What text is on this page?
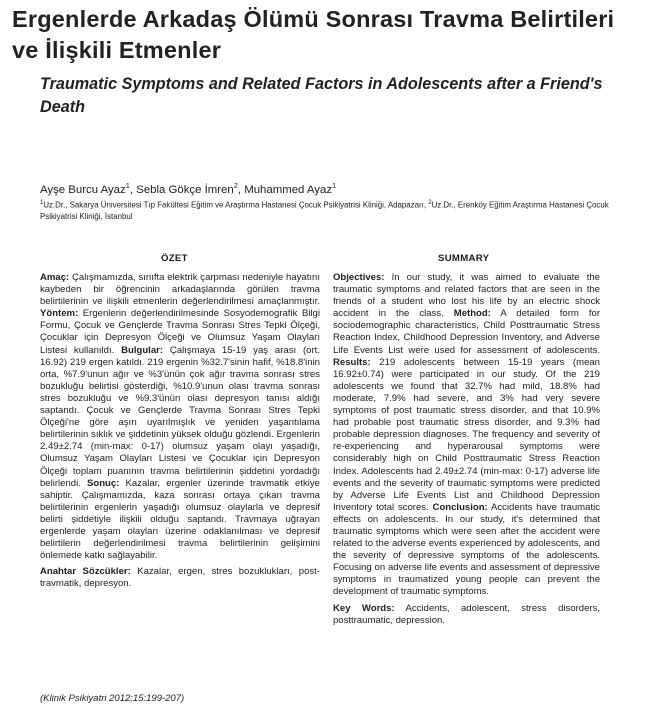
Ergenlerde Arkadaş Ölümü Sonrası Travma Belirtileri ve İlişkili Etmenler
Traumatic Symptoms and Related Factors in Adolescents after a Friend's Death
Ayşe Burcu Ayaz$^1$, Sebla Gökçe İmren$^2$, Muhammed Ayaz$^1$
$^1$Uz.Dr., Sakarya Üniversitesi Tıp Fakültesi Eğitim ve Araştırma Hastanesi Çocuk Psikiyatrisi Kliniği, Adapazarı, $^2$Uz.Dr., Erenköy Eğitim Araştırma Hastanesi Çocuk Psikiyatrisi Kliniği, İstanbul
ÖZET	SUMMARY

Amaç: Çalışmamızda, sınıfta elektrik çarpması nedeniyle hayatını kaybeden bir öğrencinin arkadaşlarında görülen travma belirtilerinin ve ilişkili etmenlerin değerlendirilmesi amaçlanmıştır. Yöntem: Ergenlerin değerlendirilmesinde Sosyodemografik Bilgi Formu, Çocuk ve Gençlerde Travma Sonrası Stres Tepki Ölçeği, Çocuklar için Depresyon Ölçeği ve Olumsuz Yaşam Olayları Listesi kullanıldı. Bulgular: Çalışmaya 15-19 yaş arası (ort. 16.92) 219 ergen katıldı. 219 ergenin %32.7'sinin hafif, %18.8'inin orta, %7.9'unun ağır ve %3'ünün çok ağır travma sonrası stres bozukluğu belirtisi gösterdiği, %10.9'unun olası travma sonrası stres bozukluğu ve %9.3'ünün olası depresyon tanısı aldığı saptandı. Çocuk ve Gençlerde Travma Sonrası Stres Tepki Ölçeği'ne göre aşırı uyarılmışlık ve yeniden yaşantılama belirtilerinin sıklık ve şiddetinin yüksek olduğu gözlendi. Ergenlerin 2.49±2.74 (min-max: 0-17) olumsuz yaşam olayı yaşadığı, Olumsuz Yaşam Olayları Listesi ve Çocuklar için Depresyon Ölçeği toplam puanının travma belirtilerinin şiddetini yordadığı belirlendi. Sonuç: Kazalar, ergenler üzerinde travmatik etkiye sahiptir. Çalışmamızda, kaza sonrası ortaya çıkan travma belirtilerinin ergenlerin yaşadığı olumsuz olaylarla ve depresif belirti şiddetiyle ilişkili olduğu saptandı. Travmaya uğrayan ergenlerde yaşam olayları üzerine odaklanılması ve depresif belirtilerin değerlendirilmesi travma belirtilerinin gelişimini önlemede katkı sağlayabilir.

Anahtar Sözcükler: Kazalar, ergen, stres bozuklukları, post-travmatik, depresyon.

Objectives: In our study, it was aimed to evaluate the traumatic symptoms and related factors that are seen in the friends of a student who lost his life by an electric shock accident in the class. Method: A detailed form for sociodemographic characteristics, Child Posttraumatic Stress Reaction Index, Childhood Depression Inventory, and Adverse Life Events List were used for assessment of adolescents. Results: 219 adolescents between 15-19 years (mean 16.92±0.74) were participated in our study. Of the 219 adolescents we found that 32.7% had mild, 18.8% had moderate, 7.9% had severe, and 3% had very severe symptoms of post traumatic stress disorder, and that 10.9% had probable post traumatic stress disorder, and 9.3% had probable depression diagnoses. The frequency and severity of re-experiencing and hyperarousal symptoms were considerably high on Child Posttraumatic Stress Reaction Index. Adolescents had 2.49±2.74 (min-max: 0-17) adverse life events and the severity of traumatic symptoms were predicted by Adverse Life Events List and Childhood Depression Inventory total scores. Conclusion: Accidents have traumatic effects on adolescents. In our study, it's determined that traumatic symptoms which were seen after the accident were related to the adverse events experienced by adolescents, and the severity of depressive symptoms of the adolescents. Focusing on adverse life events and assessment of depressive symptoms in traumatized young people can prevent the development of traumatic symptoms.

Key Words: Accidents, adolescent, stress disorders, posttraumatic, depression.

(Klinik Psikiyatri 2012;15:199-207)
